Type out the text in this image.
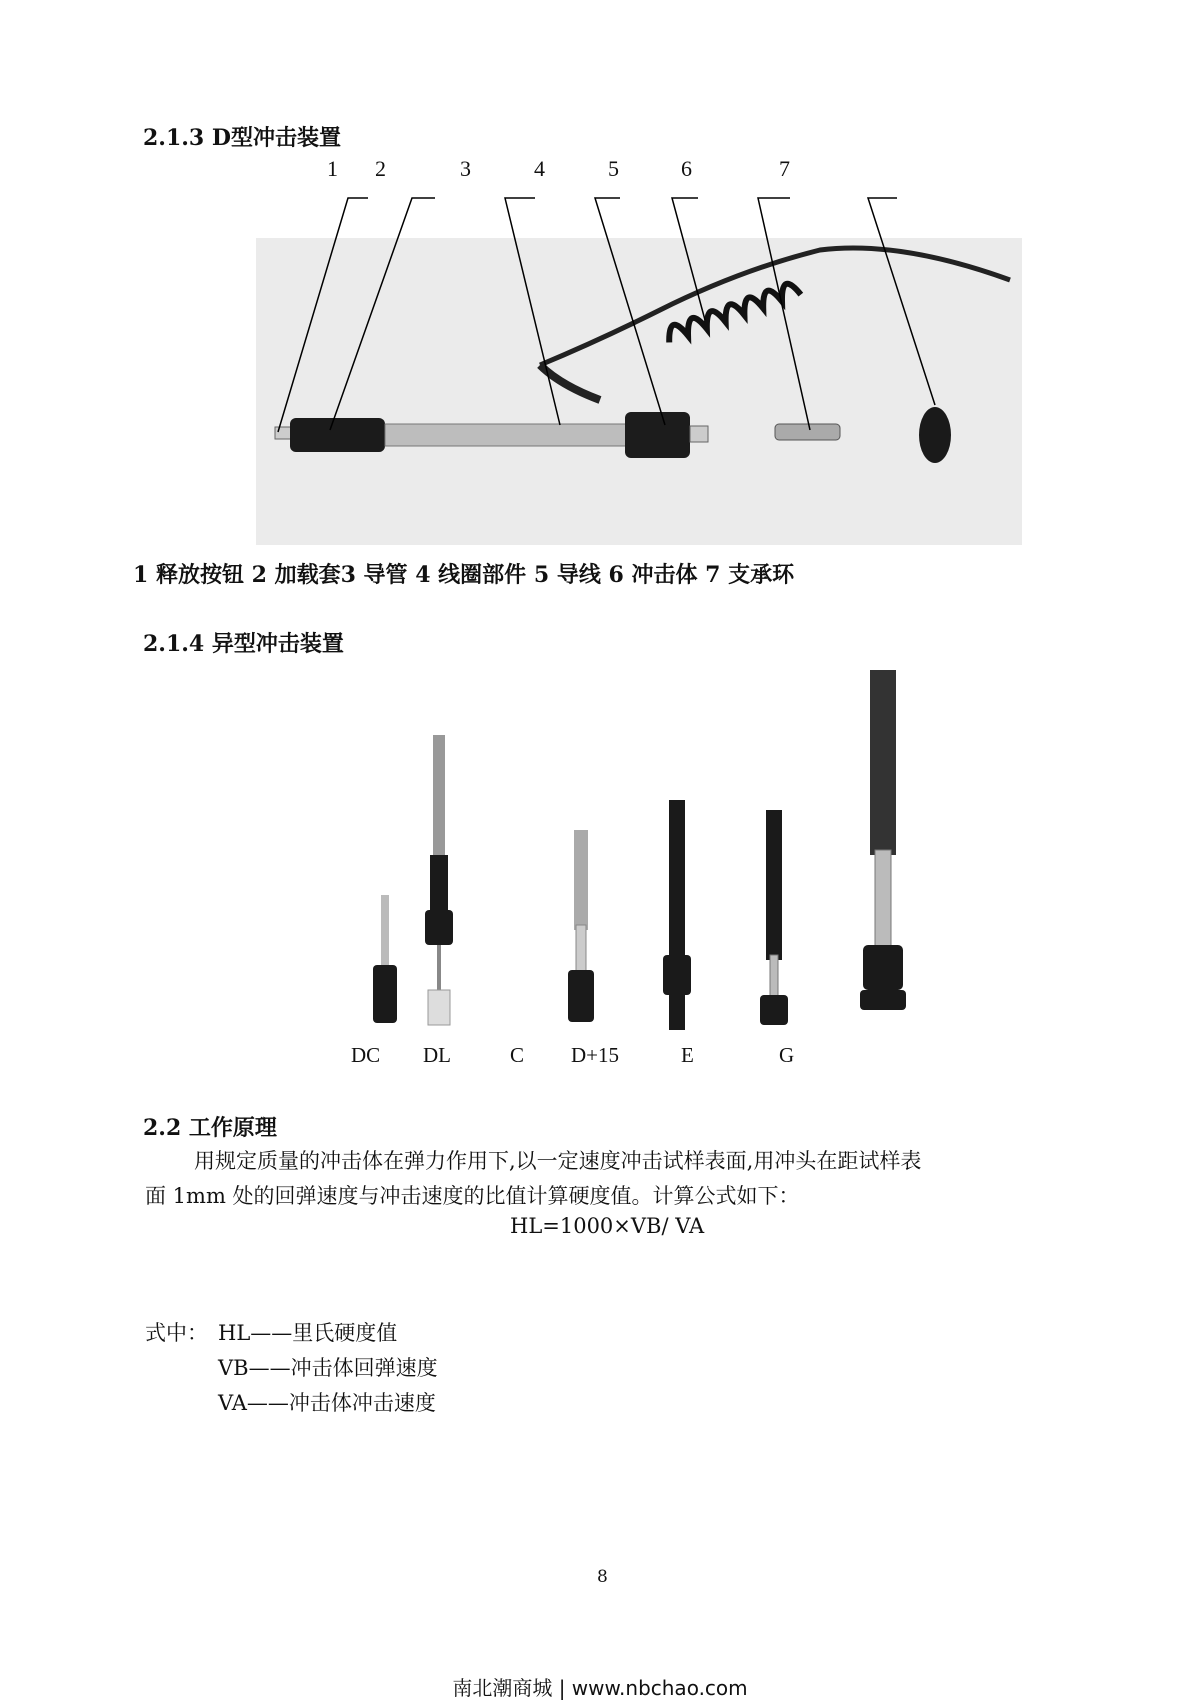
2.1.3 D型冲击装置
1 2	3	4	5	6	7
1 释放按钮 2 加载套3 导管 4 线圈部件 5 导线 6 冲击体 7 支承环
2.1.4 异型冲击装置
DC DL	C D+15	E	G
2.2 工作原理
用规定质量的冲击体在弹力作用下,以一定速度冲击试样表面,用冲头在距试样表
面 1mm 处的回弹速度与冲击速度的比值计算硬度值。计算公式如下：
HL=1000×VB/ VA
式中： HL——里氏硬度值
VB——冲击体回弹速度
VA——冲击体冲击速度
8
南北潮商城 | www.nbchao.com
